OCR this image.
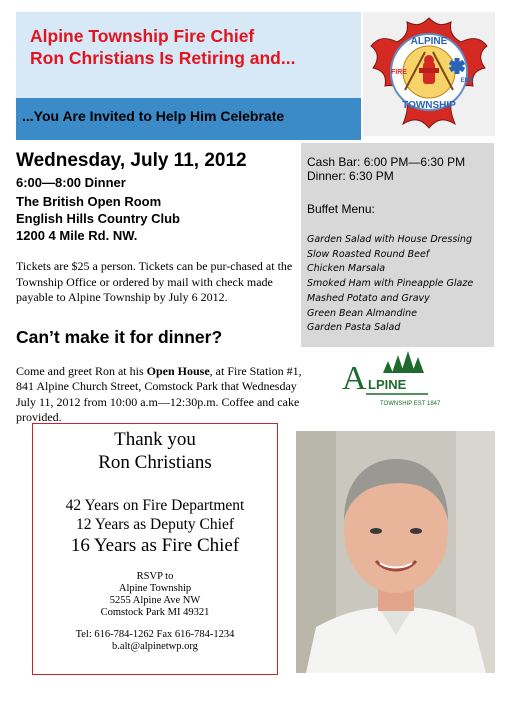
Alpine Township Fire Chief
Ron Christians Is Retiring and...
...You Are Invited to Help Him Celebrate
ALPINE
TOWNSHIP
FIRE
EMS
Wednesday, July 11, 2012
6:00—8:00 Dinner
The British Open Room
English Hills Country Club
1200 4 Mile Rd. NW.
Tickets are $25 a person. Tickets can be pur-chased at the Township Office or ordered by mail with check made payable to Alpine Township by July 6 2012.
Cash Bar: 6:00 PM—6:30 PM
Dinner: 6:30 PM
Buffet Menu:
Garden Salad with House Dressing
Slow Roasted Round Beef
Chicken Marsala
Smoked Ham with Pineapple Glaze
Mashed Potato and Gravy
Green Bean Almandine
Garden Pasta Salad
Can’t make it for dinner?
Come and greet Ron at his Open House, at Fire Station #1, 841 Alpine Church Street, Comstock Park that Wednesday July 11, 2012 from 10:00 a.m—12:30p.m. Coffee and cake provided.
A LPINE
TOWNSHIP EST 1847
Thank you
Ron Christians
42 Years on Fire Department
12 Years as Deputy Chief
16 Years as Fire Chief
RSVP to
Alpine Township
5255 Alpine Ave NW
Comstock Park MI 49321
Tel: 616-784-1262 Fax 616-784-1234
b.alt@alpinetwp.org
